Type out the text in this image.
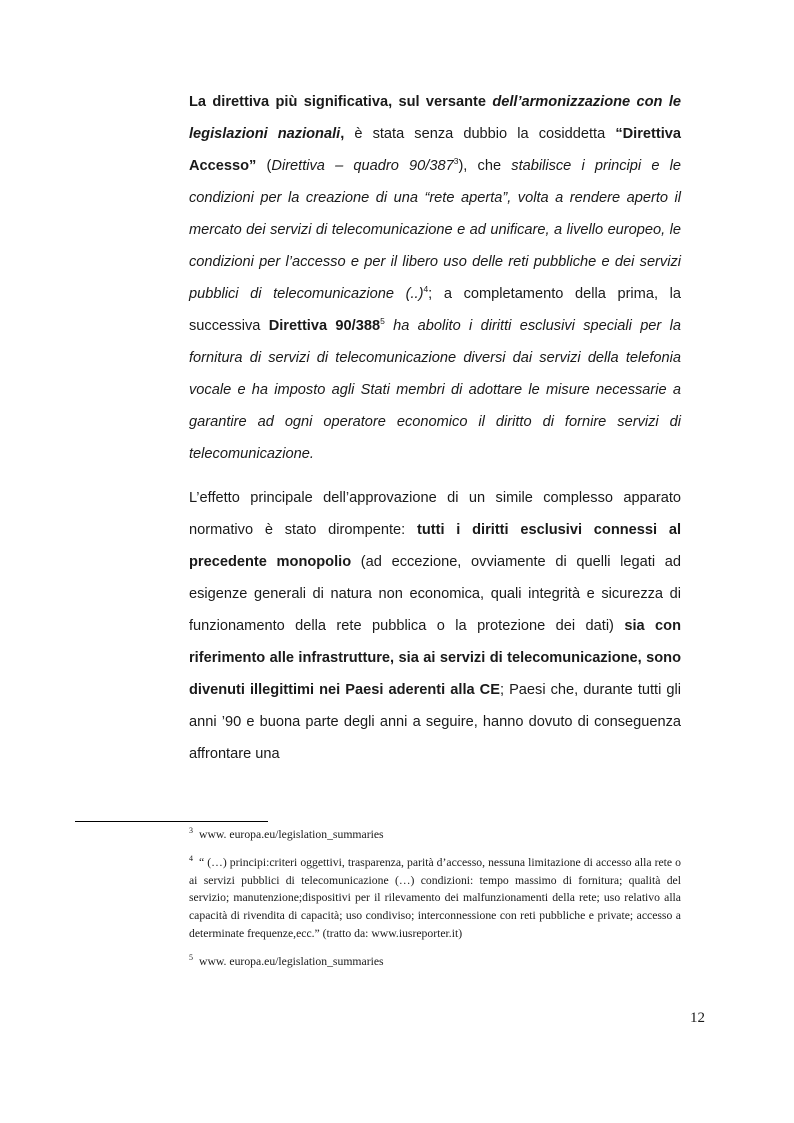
La direttiva più significativa, sul versante dell’armonizzazione con le legislazioni nazionali, è stata senza dubbio la cosiddetta “Direttiva Accesso” (Direttiva – quadro $90/387^3$), che stabilisce i principi e le condizioni per la creazione di una “rete aperta”, volta a rendere aperto il mercato dei servizi di telecomunicazione e ad unificare, a livello europeo, le condizioni per l’accesso e per il libero uso delle reti pubbliche e dei servizi pubblici di telecomunicazione (..)$^4$; a completamento della prima, la successiva Direttiva $90/388^5$ ha abolito i diritti esclusivi speciali per la fornitura di servizi di telecomunicazione diversi dai servizi della telefonia vocale e ha imposto agli Stati membri di adottare le misure necessarie a garantire ad ogni operatore economico il diritto di fornire servizi di telecomunicazione.

L’effetto principale dell’approvazione di un simile complesso apparato normativo è stato dirompente: tutti i diritti esclusivi connessi al precedente monopolio (ad eccezione, ovviamente di quelli legati ad esigenze generali di natura non economica, quali integrità e sicurezza di funzionamento della rete pubblica o la protezione dei dati) sia con riferimento alle infrastrutture, sia ai servizi di telecomunicazione, sono divenuti illegittimi nei Paesi aderenti alla CE; Paesi che, durante tutti gli anni ’90 e buona parte degli anni a seguire, hanno dovuto di conseguenza affrontare una

$^3$ www. europa.eu/legislation_summaries

$^4$ “ (…) principi:criteri oggettivi, trasparenza, parità d’accesso, nessuna limitazione di accesso alla rete o ai servizi pubblici di telecomunicazione (…) condizioni: tempo massimo di fornitura; qualità del servizio; manutenzione;dispositivi per il rilevamento dei malfunzionamenti della rete; uso relativo alla capacità di rivendita di capacità; uso condiviso; interconnessione con reti pubbliche e private; accesso a determinate frequenze,ecc.” (tratto da: www.iusreporter.it)

$^5$ www. europa.eu/legislation_summaries

12
